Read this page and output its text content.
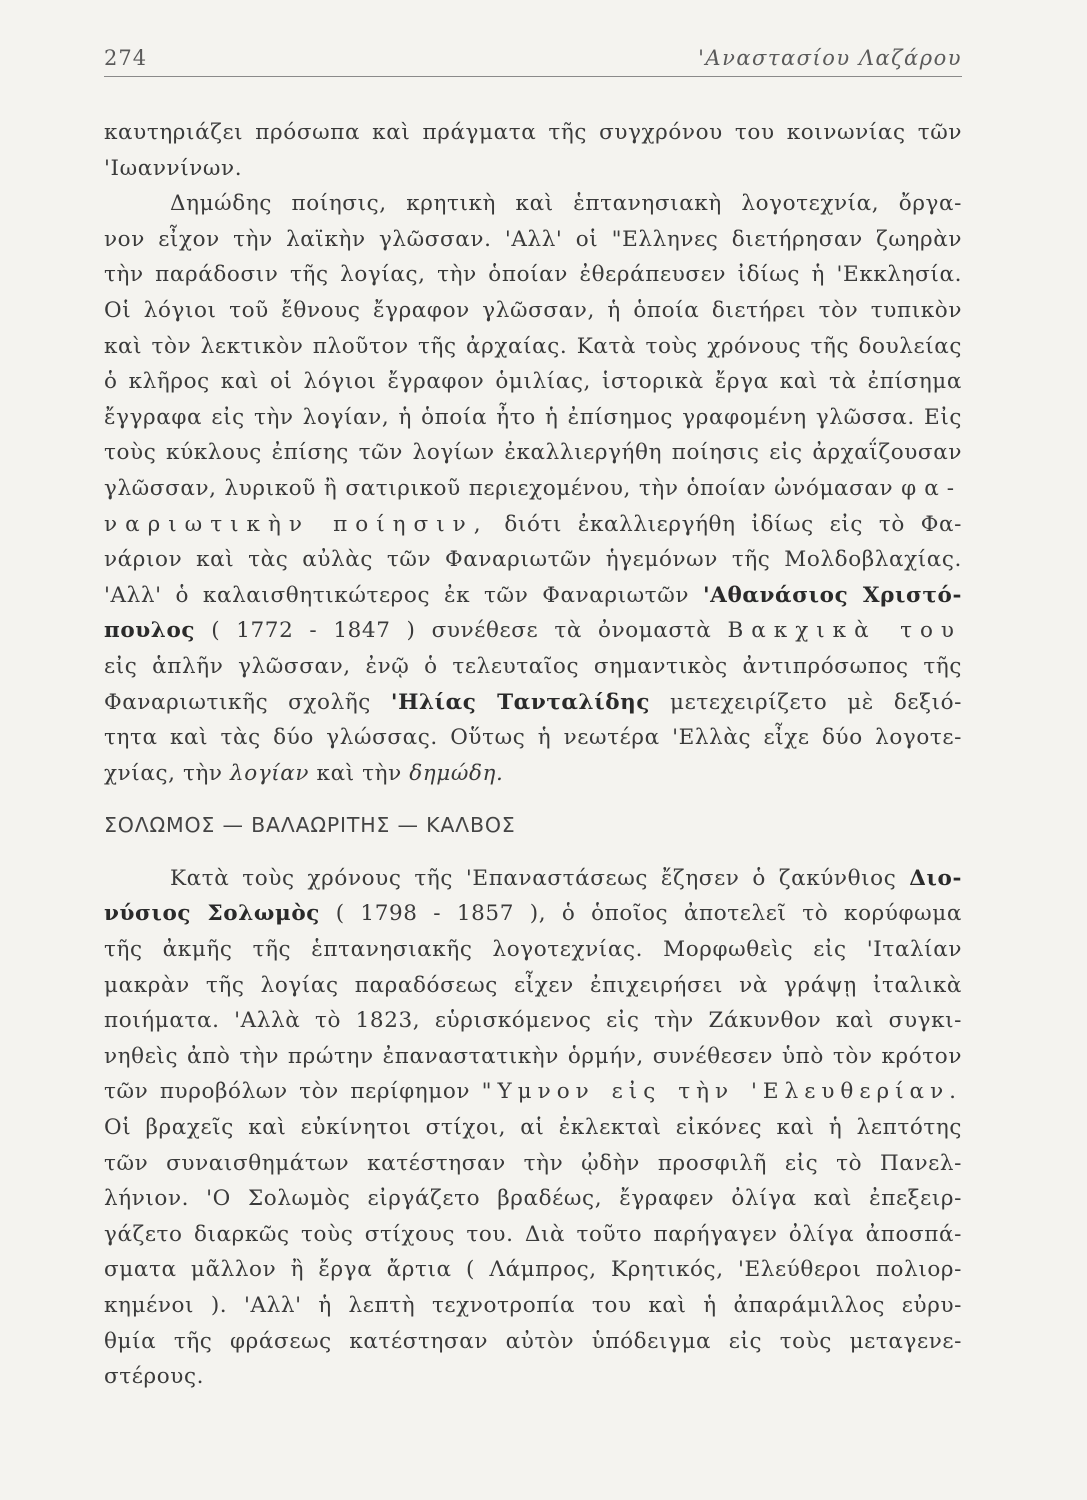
274	'Αναστασίου Λαζάρου
καυτηριάζει πρόσωπα καὶ πράγματα τῆς συγχρόνου του κοινωνίας τῶν
'Ιωαννίνων.
Δημώδης ποίησις, κρητικὴ καὶ ἑπτανησιακὴ λογοτεχνία, ὄργα-
νον εἶχον τὴν λαϊκὴν γλῶσσαν. 'Αλλ' οἱ "Ελληνες διετήρησαν ζωηρὰν
τὴν παράδοσιν τῆς λογίας, τὴν ὁποίαν ἐθεράπευσεν ἰδίως ἡ 'Εκκλησία.
Οἱ λόγιοι τοῦ ἔθνους ἔγραφον γλῶσσαν, ἡ ὁποία διετήρει τὸν τυπικὸν
καὶ τὸν λεκτικὸν πλοῦτον τῆς ἀρχαίας. Κατὰ τοὺς χρόνους τῆς δουλείας
ὁ κλῆρος καὶ οἱ λόγιοι ἔγραφον ὁμιλίας, ἱστορικὰ ἔργα καὶ τὰ ἐπίσημα
ἔγγραφα εἰς τὴν λογίαν, ἡ ὁποία ἦτο ἡ ἐπίσημος γραφομένη γλῶσσα. Εἰς
τοὺς κύκλους ἐπίσης τῶν λογίων ἐκαλλιεργήθη ποίησις εἰς ἀρχαΐζουσαν
γλῶσσαν, λυρικοῦ ἢ σατιρικοῦ περιεχομένου, τὴν ὁποίαν ὠνόμασαν φα-
ναριωτικὴν ποίησιν, διότι ἐκαλλιεργήθη ἰδίως εἰς τὸ Φα-
νάριον καὶ τὰς αὐλὰς τῶν Φαναριωτῶν ἡγεμόνων τῆς Μολδοβλαχίας.
'Αλλ' ὁ καλαισθητικώτερος ἐκ τῶν Φαναριωτῶν 'Αθανάσιος Χριστό-
πουλος ( 1772 - 1847 ) συνέθεσε τὰ ὀνομαστὰ Βακχικὰ του
εἰς ἁπλῆν γλῶσσαν, ἐνῷ ὁ τελευταῖος σημαντικὸς ἀντιπρόσωπος τῆς
Φαναριωτικῆς σχολῆς 'Ηλίας Τανταλίδης μετεχειρίζετο μὲ δεξιό-
τητα καὶ τὰς δύο γλώσσας. Οὕτως ἡ νεωτέρα 'Ελλὰς εἶχε δύο λογοτε-
χνίας, τὴν λογίαν καὶ τὴν δημώδη.
ΣΟΛΩΜΟΣ — ΒΑΛΑΩΡΙΤΗΣ — ΚΑΛΒΟΣ
Κατὰ τοὺς χρόνους τῆς 'Επαναστάσεως ἔζησεν ὁ ζακύνθιος Διο-
νύσιος Σολωμὸς ( 1798 - 1857 ), ὁ ὁποῖος ἀποτελεῖ τὸ κορύφωμα
τῆς ἀκμῆς τῆς ἑπτανησιακῆς λογοτεχνίας. Μορφωθεὶς εἰς 'Ιταλίαν
μακρὰν τῆς λογίας παραδόσεως εἶχεν ἐπιχειρήσει νὰ γράψῃ ἰταλικὰ
ποιήματα. 'Αλλὰ τὸ 1823, εὑρισκόμενος εἰς τὴν Ζάκυνθον καὶ συγκι-
νηθεὶς ἀπὸ τὴν πρώτην ἐπαναστατικὴν ὁρμήν, συνέθεσεν ὑπὸ τὸν κρότον
τῶν πυροβόλων τὸν περίφημον "Υμνον εἰς τὴν 'Ελευθερίαν.
Οἱ βραχεῖς καὶ εὐκίνητοι στίχοι, αἱ ἐκλεκταὶ εἰκόνες καὶ ἡ λεπτότης
τῶν συναισθημάτων κατέστησαν τὴν ᾠδὴν προσφιλῆ εἰς τὸ Πανελ-
λήνιον. 'Ο Σολωμὸς εἰργάζετο βραδέως, ἔγραφεν ὀλίγα καὶ ἐπεξειρ-
γάζετο διαρκῶς τοὺς στίχους του. Διὰ τοῦτο παρήγαγεν ὀλίγα ἀποσπά-
σματα μᾶλλον ἢ ἔργα ἄρτια ( Λάμπρος, Κρητικός, 'Ελεύθεροι πολιορ-
κημένοι ). 'Αλλ' ἡ λεπτὴ τεχνοτροπία του καὶ ἡ ἀπαράμιλλος εὐρυ-
θμία τῆς φράσεως κατέστησαν αὐτὸν ὑπόδειγμα εἰς τοὺς μεταγενε-
στέρους.
